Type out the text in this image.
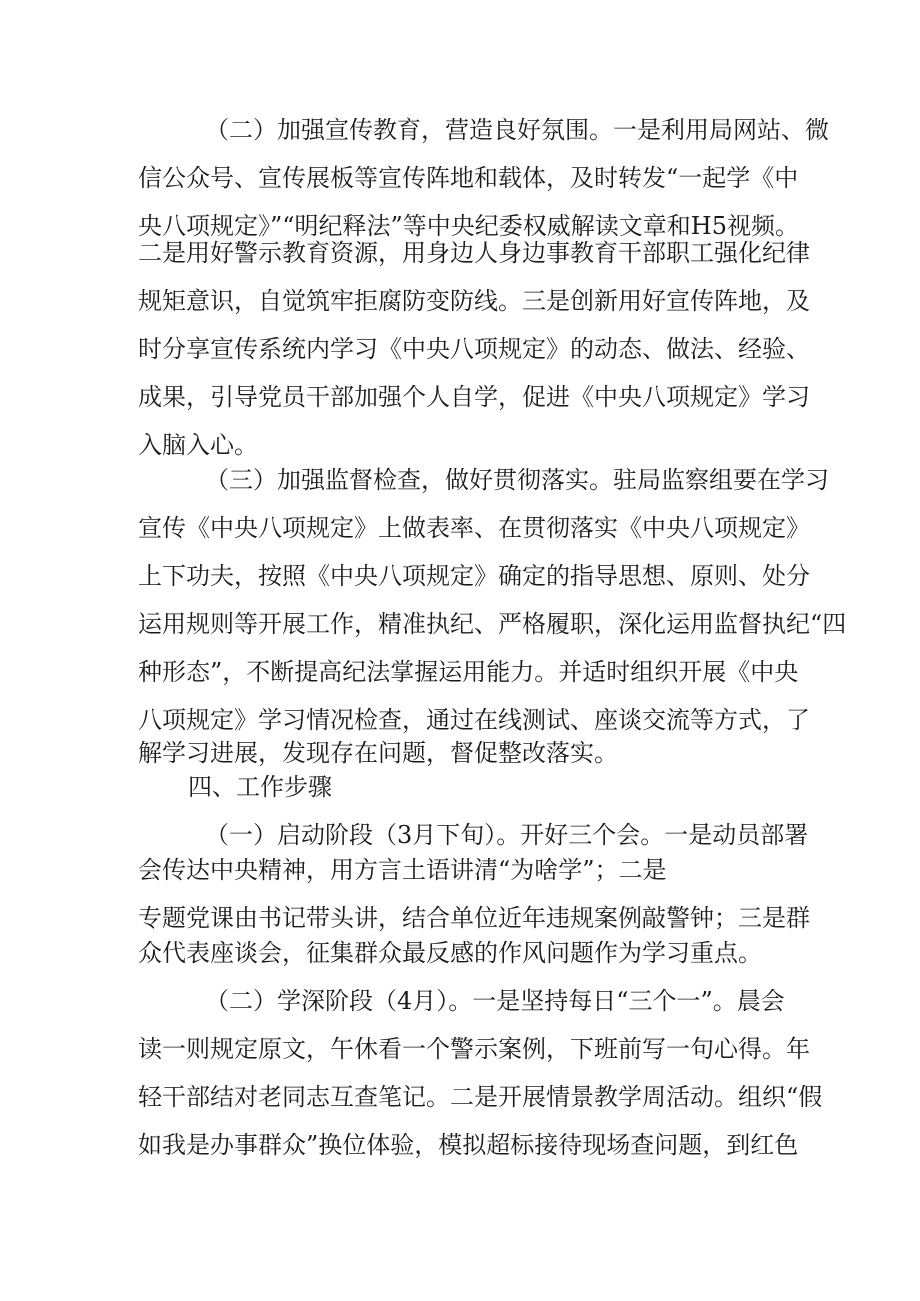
（二）加强宣传教育，营造良好氛围。一是利用局网站、微
信公众号、宣传展板等宣传阵地和载体，及时转发“一起学《中
央八项规定》”“明纪释法”等中央纪委权威解读文章和H5视频。
二是用好警示教育资源，用身边人身边事教育干部职工强化纪律
规矩意识，自觉筑牢拒腐防变防线。三是创新用好宣传阵地，及
时分享宣传系统内学习《中央八项规定》的动态、做法、经验、
成果，引导党员干部加强个人自学，促进《中央八项规定》学习
入脑入心。
（三）加强监督检查，做好贯彻落实。驻局监察组要在学习
宣传《中央八项规定》上做表率、在贯彻落实《中央八项规定》
上下功夫，按照《中央八项规定》确定的指导思想、原则、处分
运用规则等开展工作，精准执纪、严格履职，深化运用监督执纪“四
种形态”，不断提高纪法掌握运用能力。并适时组织开展《中央
八项规定》学习情况检查，通过在线测试、座谈交流等方式，了
解学习进展，发现存在问题，督促整改落实。
四、工作步骤
（一）启动阶段（3月下旬）。开好三个会。一是动员部署
会传达中央精神，用方言土语讲清“为啥学”；二是
专题党课由书记带头讲，结合单位近年违规案例敲警钟；三是群
众代表座谈会，征集群众最反感的作风问题作为学习重点。
（二）学深阶段（4月）。一是坚持每日“三个一”。晨会
读一则规定原文，午休看一个警示案例，下班前写一句心得。年
轻干部结对老同志互查笔记。二是开展情景教学周活动。组织“假
如我是办事群众”换位体验，模拟超标接待现场查问题，到红色
